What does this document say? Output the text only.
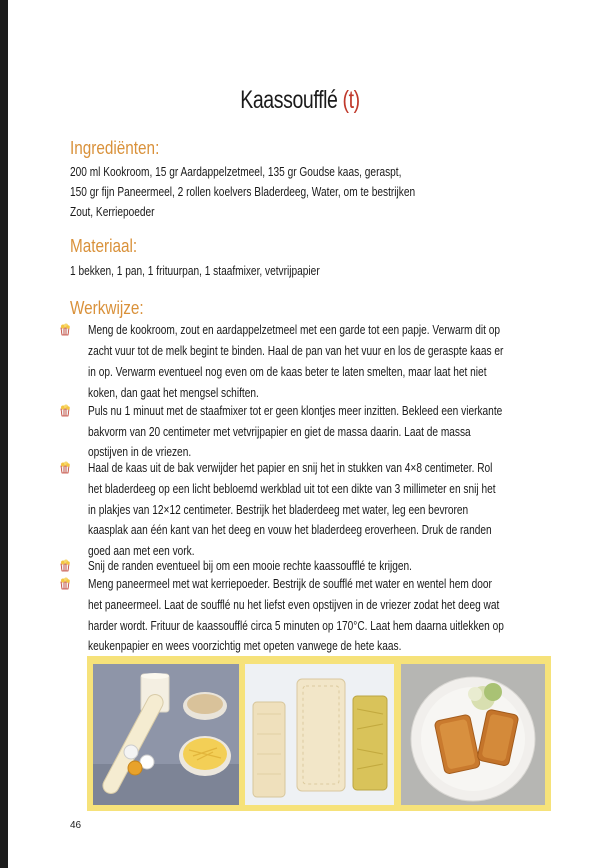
Kaassoufflé (t)
Ingrediënten:
200 ml Kookroom, 15 gr Aardappelzetmeel, 135 gr Goudse kaas, geraspt,
150 gr fijn Paneermeel, 2 rollen koelvers Bladerdeeg, Water, om te bestrijken
Zout, Kerriepoeder
Materiaal:
1 bekken, 1 pan, 1 frituurpan, 1 staafmixer, vetvrijpapier
Werkwijze:
Meng de kookroom, zout en aardappelzetmeel met een garde tot een papje. Verwarm dit op
zacht vuur tot de melk begint te binden. Haal de pan van het vuur en los de geraspte kaas er
in op. Verwarm eventueel nog even om de kaas beter te laten smelten, maar laat het niet
koken, dan gaat het mengsel schiften.
Puls nu 1 minuut met de staafmixer tot er geen klontjes meer inzitten. Bekleed een vierkante
bakvorm van 20 centimeter met vetvrijpapier en giet de massa daarin. Laat de massa
opstijven in de vriezen.
Haal de kaas uit de bak verwijder het papier en snij het in stukken van 4×8 centimeter. Rol
het bladerdeeg op een licht bebloemd werkblad uit tot een dikte van 3 millimeter en snij het
in plakjes van 12×12 centimeter. Bestrijk het bladerdeeg met water, leg een bevroren
kaasplak aan één kant van het deeg en vouw het bladerdeeg eroverheen. Druk de randen
goed aan met een vork.
Snij de randen eventueel bij om een mooie rechte kaassoufflé te krijgen.
Meng paneermeel met wat kerriepoeder. Bestrijk de soufflé met water en wentel hem door
het paneermeel. Laat de soufflé nu het liefst even opstijven in de vriezer zodat het deeg wat
harder wordt. Frituur de kaassoufflé circa 5 minuten op 170°C. Laat hem daarna uitlekken op
keukenpapier en wees voorzichtig met opeten vanwege de hete kaas.
46
